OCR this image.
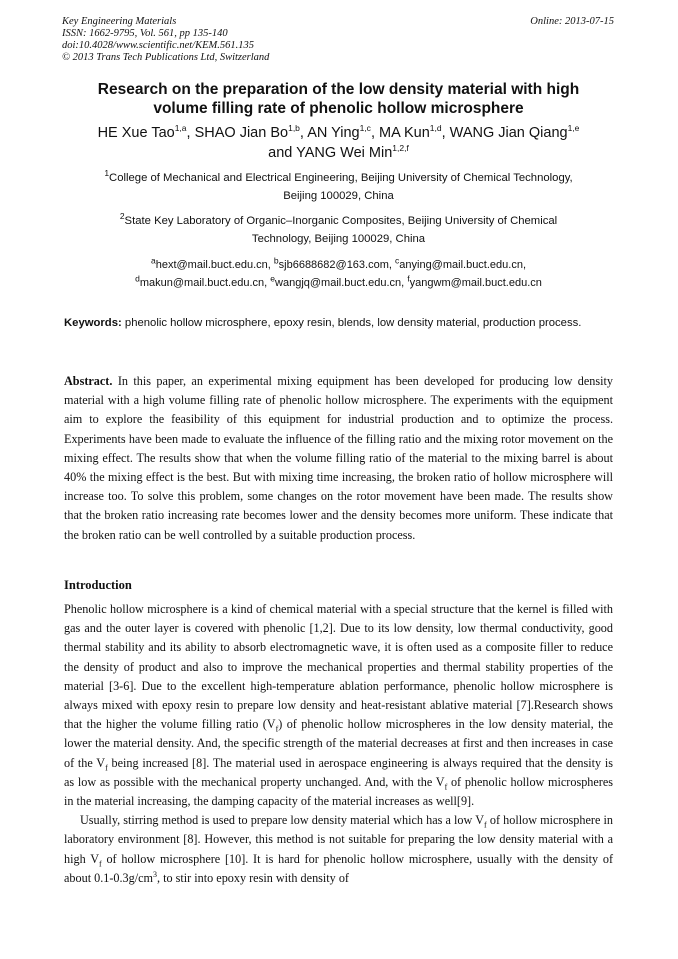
Key Engineering Materials
ISSN: 1662-9795, Vol. 561, pp 135-140
doi:10.4028/www.scientific.net/KEM.561.135
© 2013 Trans Tech Publications Ltd, Switzerland
Online: 2013-07-15
Research on the preparation of the low density material with high
volume filling rate of phenolic hollow microsphere
HE Xue Tao$^{1,a}$, SHAO Jian Bo$^{1,b}$, AN Ying$^{1,c}$, MA Kun$^{1,d}$, WANG Jian Qiang$^{1,e}$
and YANG Wei Min$^{1,2,f}$
$^1$College of Mechanical and Electrical Engineering, Beijing University of Chemical Technology,
Beijing 100029, China
$^2$State Key Laboratory of Organic–Inorganic Composites, Beijing University of Chemical
Technology, Beijing 100029, China
$^a$hext@mail.buct.edu.cn, $^b$sjb6688682@163.com, $^c$anying@mail.buct.edu.cn,
$^d$makun@mail.buct.edu.cn, $^e$wangjq@mail.buct.edu.cn, $^f$yangwm@mail.buct.edu.cn
Keywords: phenolic hollow microsphere, epoxy resin, blends, low density material, production process.
Abstract. In this paper, an experimental mixing equipment has been developed for producing low density material with a high volume filling rate of phenolic hollow microsphere. The experiments with the equipment aim to explore the feasibility of this equipment for industrial production and to optimize the process. Experiments have been made to evaluate the influence of the filling ratio and the mixing rotor movement on the mixing effect. The results show that when the volume filling ratio of the material to the mixing barrel is about 40% the mixing effect is the best. But with mixing time increasing, the broken ratio of hollow microsphere will increase too. To solve this problem, some changes on the rotor movement have been made. The results show that the broken ratio increasing rate becomes lower and the density becomes more uniform. These indicate that the broken ratio can be well controlled by a suitable production process.
Introduction

Phenolic hollow microsphere is a kind of chemical material with a special structure that the kernel is filled with gas and the outer layer is covered with phenolic [1,2]. Due to its low density, low thermal conductivity, good thermal stability and its ability to absorb electromagnetic wave, it is often used as a composite filler to reduce the density of product and also to improve the mechanical properties and thermal stability properties of the material [3-6]. Due to the excellent high-temperature ablation performance, phenolic hollow microsphere is always mixed with epoxy resin to prepare low density and heat-resistant ablative material [7].Research shows that the higher the volume filling ratio $(V_f)$ of phenolic hollow microspheres in the low density material, the lower the material density. And, the specific strength of the material decreases at first and then increases in case of the $V_f$ being increased [8]. The material used in aerospace engineering is always required that the density is as low as possible with the mechanical property unchanged. And, with the $V_f$ of phenolic hollow microspheres in the material increasing, the damping capacity of the material increases as well[9].

Usually, stirring method is used to prepare low density material which has a low $V_f$ of hollow microsphere in laboratory environment [8]. However, this method is not suitable for preparing the low density material with a high $V_f$ of hollow microsphere [10]. It is hard for phenolic hollow microsphere, usually with the density of about $0.1-0.3g/cm^3$, to stir into epoxy resin with density of
